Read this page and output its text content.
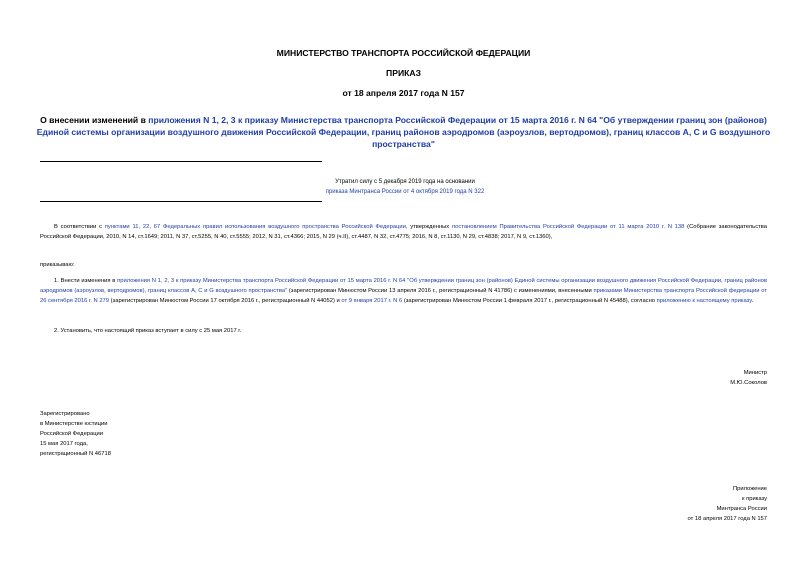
МИНИСТЕРСТВО ТРАНСПОРТА РОССИЙСКОЙ ФЕДЕРАЦИИ
ПРИКАЗ
от 18 апреля 2017 года N 157
О внесении изменений в приложения N 1, 2, 3 к приказу Министерства транспорта Российской Федерации от 15 марта 2016 г. N 64 "Об утверждении границ зон (районов) Единой системы организации воздушного движения Российской Федерации, границ районов аэродромов (аэроузлов, вертодромов), границ классов A, C и G воздушного пространства"
Утратил силу с 5 декабря 2019 года на основании
приказа Минтранса России от 4 октября 2019 года N 322
В соответствии с пунктами 11, 22, 67 Федеральных правил использования воздушного пространства Российской Федерации, утвержденных постановлением Правительства Российской Федерации от 11 марта 2010 г. N 138 (Собрание законодательства Российской Федерации, 2010, N 14, ст.1649; 2011, N 37, ст.5255, N 40, ст.5555; 2012, N 31, ст.4366; 2015, N 29 (ч.II), ст.4487, N 32, ст.4775; 2016, N 8, ст.1130, N 29, ст.4838; 2017, N 9, ст.1360),
приказываю:
1. Внести изменения в приложения N 1, 2, 3 к приказу Министерства транспорта Российской Федерации от 15 марта 2016 г. N 64 "Об утверждении границ зон (районов) Единой системы организации воздушного движения Российской Федерации, границ районов аэродромов (аэроузлов, вертодромов), границ классов A, C и G воздушного пространства" (зарегистрирован Минюстом России 13 апреля 2016 г., регистрационный N 41786) с изменениями, внесенными приказами Министерства транспорта Российской федерации от 26 сентября 2016 г. N 279 (зарегистрирован Минюстом России 17 октября 2016 г., регистрационный N 44052) и от 9 января 2017 г. N 6 (зарегистрирован Минюстом России 1 февраля 2017 г., регистрационный N 45488), согласно приложению к настоящему приказу.
2. Установить, что настоящий приказ вступает в силу с 25 мая 2017 г.
Министр
М.Ю.Соколов
Зарегистрировано
в Министерстве юстиции
Российской Федерации
15 мая 2017 года,
регистрационный N 46718
Приложение
к приказу
Минтранса России
от 18 апреля 2017 года N 157
